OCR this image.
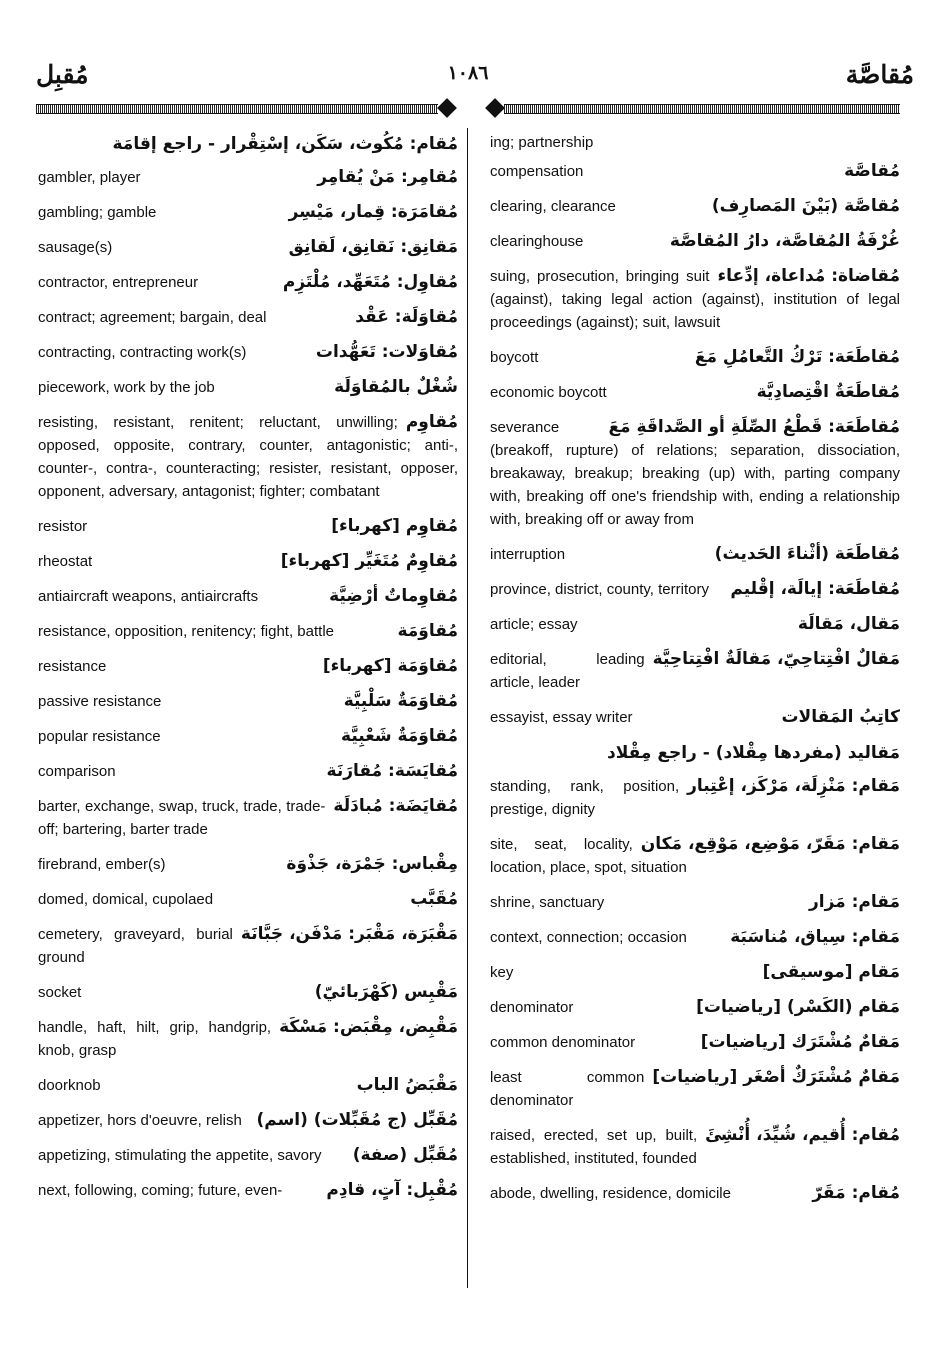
مُقبِل	١٠٨٦	مُقاصَّة
مُقام: مُكُوث، سَكَن، إسْتِقْرار - راجع إقامَة
مُقامِر: مَنْ يُقامِر
gambler, player
مُقامَرَة: قِمار، مَيْسِر
gambling; gamble
مَقانِق: نَقانِق، لَقانِق
sausage(s)
مُقاوِل: مُتَعَهِّد، مُلْتَزِم
contractor, entrepreneur
مُقاوَلَة: عَقْد
contract; agreement; bargain, deal
مُقاوَلات: تَعَهُّدات
contracting, contracting work(s)
شُغْلٌ بالمُقاوَلَة
piecework, work by the job
مُقاوِم
resisting, resistant, renitent; reluctant, unwilling; opposed, opposite, contrary, counter, antagonistic; anti-, counter-, contra-, counteracting; resister, resistant, opposer, opponent, adversary, antagonist; fighter; combatant
مُقاوِم [كهرباء]
resistor
مُقاوِمٌ مُتَغَيِّر [كهرباء]
rheostat
مُقاوِماتٌ أرْضِيَّة
antiaircraft weapons, antiaircrafts
مُقاوَمَة
resistance, opposition, renitency; fight, battle
مُقاوَمَة [كهرباء]
resistance
مُقاوَمَةٌ سَلْبِيَّة
passive resistance
مُقاوَمَةٌ شَعْبِيَّة
popular resistance
مُقايَسَة: مُقارَنَة
comparison
مُقايَضَة: مُبادَلَة
barter, exchange, swap, truck, trade, trade-off; bartering, barter trade
مِقْباس: جَمْرَة، جَذْوَة
firebrand, ember(s)
مُقَبَّب
domed, domical, cupolaed
مَقْبَرَة، مَقْبَر: مَدْفَن، جَبَّانَة
cemetery, graveyard, burial ground
مَقْبِس (كَهْرَبائيّ)
socket
مَقْبِض، مِقْبَض: مَسْكَة
handle, haft, hilt, grip, handgrip, knob, grasp
مَقْبَضُ الباب
doorknob
مُقَبِّل (ج مُقَبِّلات) (اسم)
appetizer, hors d'oeuvre, relish
مُقَبِّل (صفة)
appetizing, stimulating the appetite, savory
مُقْبِل: آتٍ، قادِم
next, following, coming; future, even-
ing; partnership
مُقاصَّة
compensation
مُقاصَّة (بَيْنَ المَصارِف)
clearing, clearance
غُرْفَةُ المُقاصَّة، دارُ المُقاصَّة
clearinghouse
مُقاضاة: مُداعاة، إدِّعاء
suing, prosecution, bringing suit (against), taking legal action (against), institution of legal proceedings (against); suit, lawsuit
مُقاطَعَة: تَرْكُ التَّعامُلِ مَعَ
boycott
مُقاطَعَةٌ اقْتِصادِيَّة
economic boycott
مُقاطَعَة: قَطْعُ الصِّلَةِ أو الصَّداقَةِ مَعَ
severance (breakoff, rupture) of relations; separation, dissociation, breakaway, breakup; breaking (up) with, parting company with, breaking off one's friendship with, ending a relationship with, breaking off or away from
مُقاطَعَة (أثْناءَ الحَديث)
interruption
مُقاطَعَة: إيالَة، إقْليم
province, district, county, territory
مَقال، مَقالَة
article; essay
مَقالٌ افْتِتاحِيّ، مَقالَةٌ افْتِتاحِيَّة
editorial, leading article, leader
كاتِبُ المَقالات
essayist, essay writer
مَقاليد (مفردها مِقْلاد) - راجع مِقْلاد
مَقام: مَنْزِلَة، مَرْكَز، إعْتِبار
standing, rank, position, prestige, dignity
مَقام: مَقَرّ، مَوْضِع، مَوْقِع، مَكان
site, seat, locality, location, place, spot, situation
مَقام: مَزار
shrine, sanctuary
مَقام: سِياق، مُناسَبَة
context, connection; occasion
مَقام [موسيقى]
key
مَقام (الكَسْر) [رياضيات]
denominator
مَقامٌ مُشْتَرَك [رياضيات]
common denominator
مَقامٌ مُشْتَرَكٌ أصْغَر [رياضيات]
least common denominator
مُقام: أُقيم، شُيِّدَ، أُنْشِئَ
raised, erected, set up, built, established, instituted, founded
مُقام: مَقَرّ
abode, dwelling, residence, domicile
